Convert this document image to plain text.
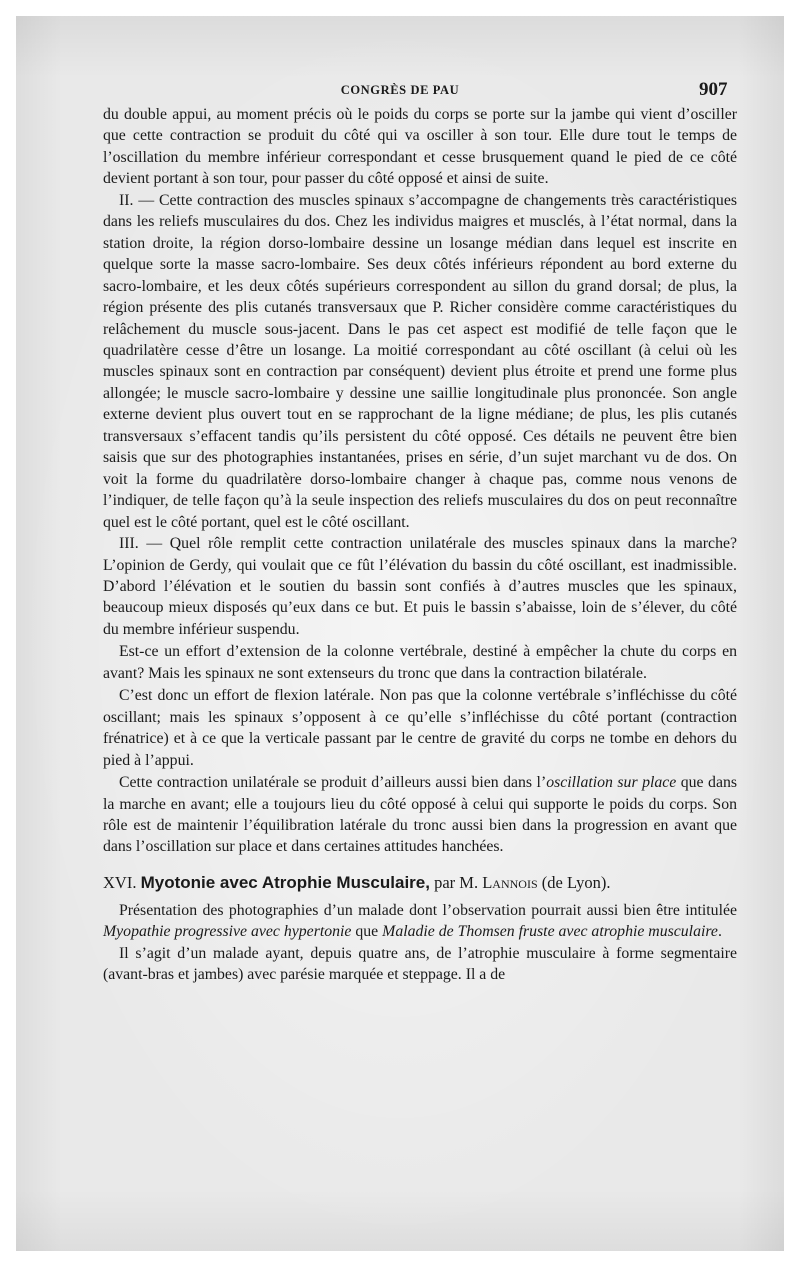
CONGRÈS DE PAU	907

du double appui, au moment précis où le poids du corps se porte sur la jambe qui vient d’osciller que cette contraction se produit du côté qui va osciller à son tour. Elle dure tout le temps de l’oscillation du membre inférieur correspondant et cesse brusquement quand le pied de ce côté devient portant à son tour, pour passer du côté opposé et ainsi de suite.

II. — Cette contraction des muscles spinaux s’accompagne de changements très caractéristiques dans les reliefs musculaires du dos. Chez les individus maigres et musclés, à l’état normal, dans la station droite, la région dorso-lombaire dessine un losange médian dans lequel est inscrite en quelque sorte la masse sacro-lombaire. Ses deux côtés inférieurs répondent au bord externe du sacro-lombaire, et les deux côtés supérieurs correspondent au sillon du grand dorsal; de plus, la région présente des plis cutanés transversaux que P. Richer considère comme caractéristiques du relâchement du muscle sous-jacent. Dans le pas cet aspect est modifié de telle façon que le quadrilatère cesse d’être un losange. La moitié correspondant au côté oscillant (à celui où les muscles spinaux sont en contraction par conséquent) devient plus étroite et prend une forme plus allongée; le muscle sacro-lombaire y dessine une saillie longitudinale plus prononcée. Son angle externe devient plus ouvert tout en se rapprochant de la ligne médiane; de plus, les plis cutanés transversaux s’effacent tandis qu’ils persistent du côté opposé. Ces détails ne peuvent être bien saisis que sur des photographies instantanées, prises en série, d’un sujet marchant vu de dos. On voit la forme du quadrilatère dorso-lombaire changer à chaque pas, comme nous venons de l’indiquer, de telle façon qu’à la seule inspection des reliefs musculaires du dos on peut reconnaître quel est le côté portant, quel est le côté oscillant.

III. — Quel rôle remplit cette contraction unilatérale des muscles spinaux dans la marche? L’opinion de Gerdy, qui voulait que ce fût l’élévation du bassin du côté oscillant, est inadmissible. D’abord l’élévation et le soutien du bassin sont confiés à d’autres muscles que les spinaux, beaucoup mieux disposés qu’eux dans ce but. Et puis le bassin s’abaisse, loin de s’élever, du côté du membre inférieur suspendu.

Est-ce un effort d’extension de la colonne vertébrale, destiné à empêcher la chute du corps en avant? Mais les spinaux ne sont extenseurs du tronc que dans la contraction bilatérale.

C’est donc un effort de flexion latérale. Non pas que la colonne vertébrale s’infléchisse du côté oscillant; mais les spinaux s’opposent à ce qu’elle s’infléchisse du côté portant (contraction frénatrice) et à ce que la verticale passant par le centre de gravité du corps ne tombe en dehors du pied à l’appui.

Cette contraction unilatérale se produit d’ailleurs aussi bien dans l’oscillation sur place que dans la marche en avant; elle a toujours lieu du côté opposé à celui qui supporte le poids du corps. Son rôle est de maintenir l’équilibration latérale du tronc aussi bien dans la progression en avant que dans l’oscillation sur place et dans certaines attitudes hanchées.

XVI. Myotonie avec Atrophie Musculaire, par M. Lannois (de Lyon).

Présentation des photographies d’un malade dont l’observation pourrait aussi bien être intitulée Myopathie progressive avec hypertonie que Maladie de Thomsen fruste avec atrophie musculaire.

Il s’agit d’un malade ayant, depuis quatre ans, de l’atrophie musculaire à forme segmentaire (avant-bras et jambes) avec parésie marquée et steppage. Il a de
